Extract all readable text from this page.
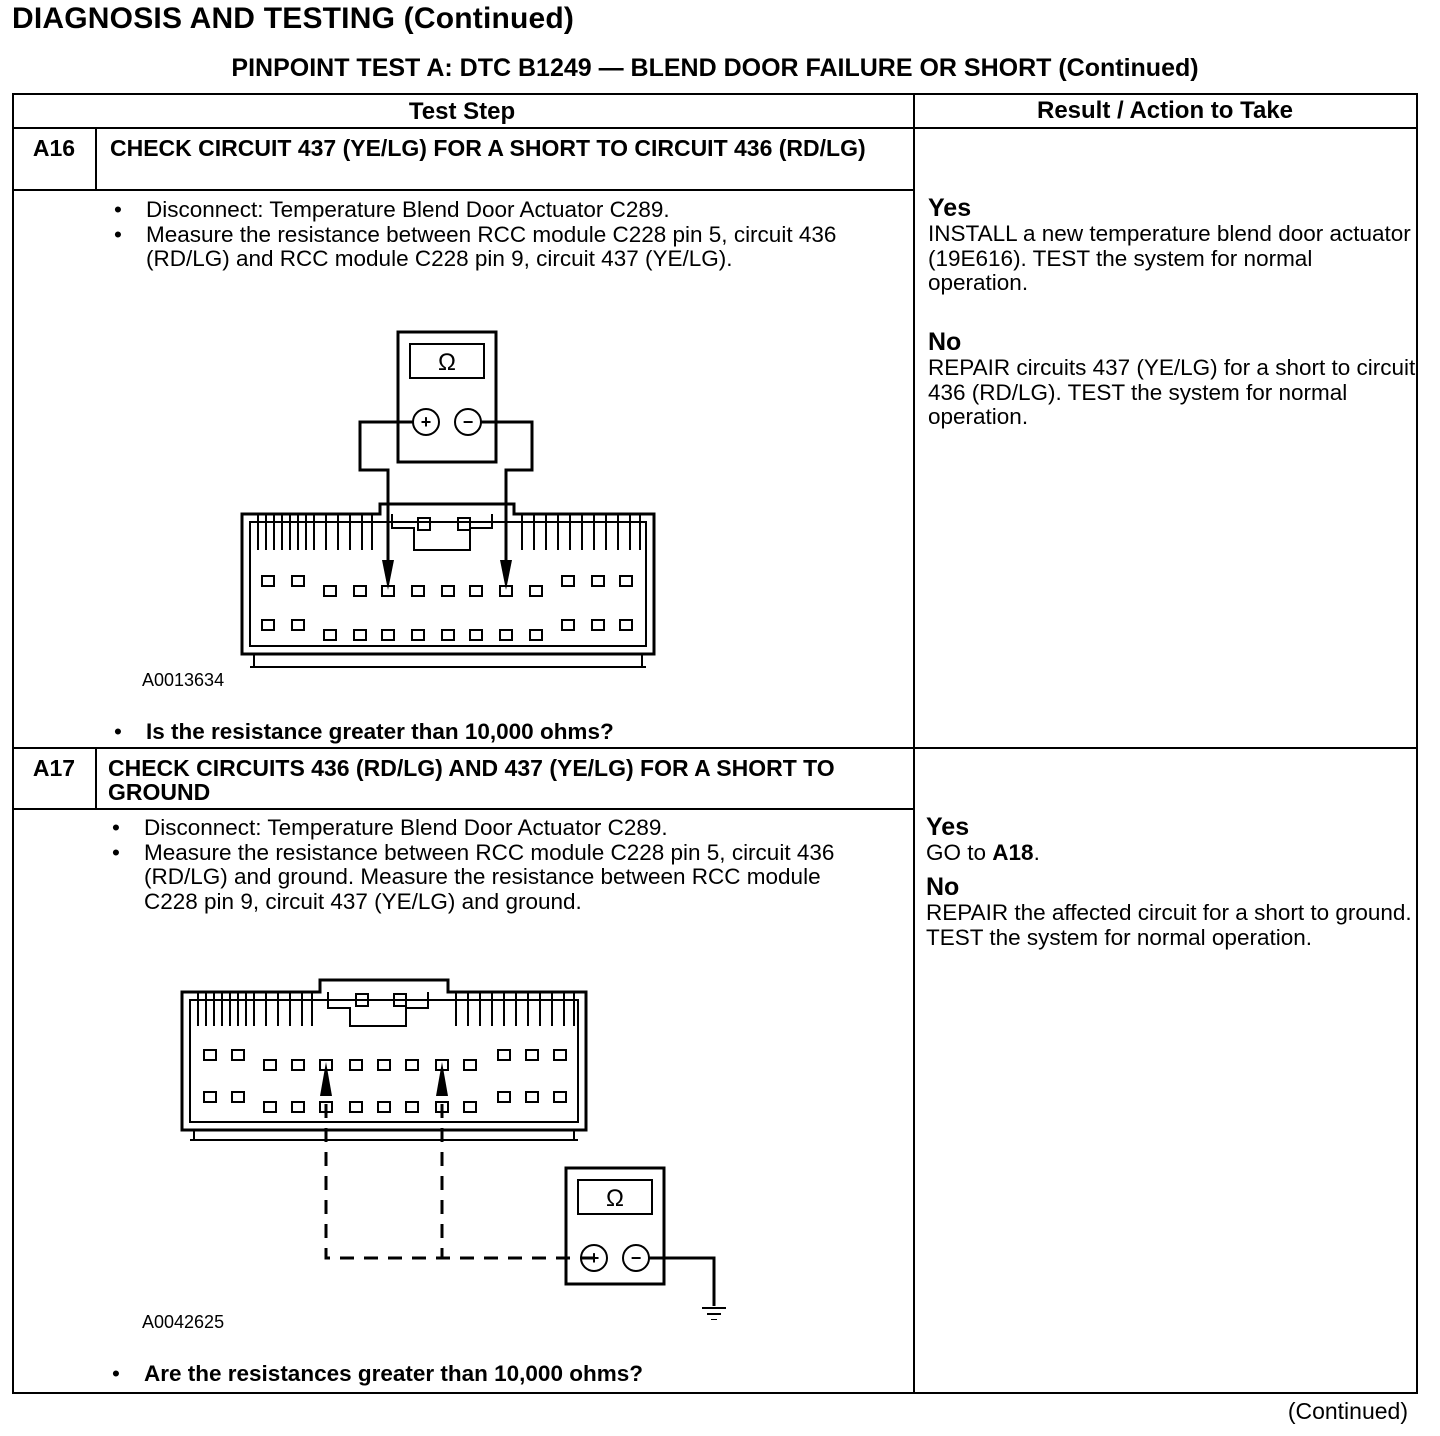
DIAGNOSIS AND TESTING (Continued)
PINPOINT TEST A: DTC B1249 — BLEND DOOR FAILURE OR SHORT (Continued)
Test Step	Result / Action to Take
A16	CHECK CIRCUIT 437 (YE/LG) FOR A SHORT TO CIRCUIT 436 (RD/LG)
• Disconnect: Temperature Blend Door Actuator C289.
• Measure the resistance between RCC module C228 pin 5, circuit 436 (RD/LG) and RCC module C228 pin 9, circuit 437 (YE/LG).
Ω
+ −
A0013634
• Is the resistance greater than 10,000 ohms?
Yes
INSTALL a new temperature blend door actuator (19E616). TEST the system for normal operation.
No
REPAIR circuits 437 (YE/LG) for a short to circuit 436 (RD/LG). TEST the system for normal operation.
A17	CHECK CIRCUITS 436 (RD/LG) AND 437 (YE/LG) FOR A SHORT TO GROUND
• Disconnect: Temperature Blend Door Actuator C289.
• Measure the resistance between RCC module C228 pin 5, circuit 436 (RD/LG) and ground. Measure the resistance between RCC module C228 pin 9, circuit 437 (YE/LG) and ground.
Ω
+ −
A0042625
• Are the resistances greater than 10,000 ohms?
Yes
GO to A18.
No
REPAIR the affected circuit for a short to ground. TEST the system for normal operation.
(Continued)
